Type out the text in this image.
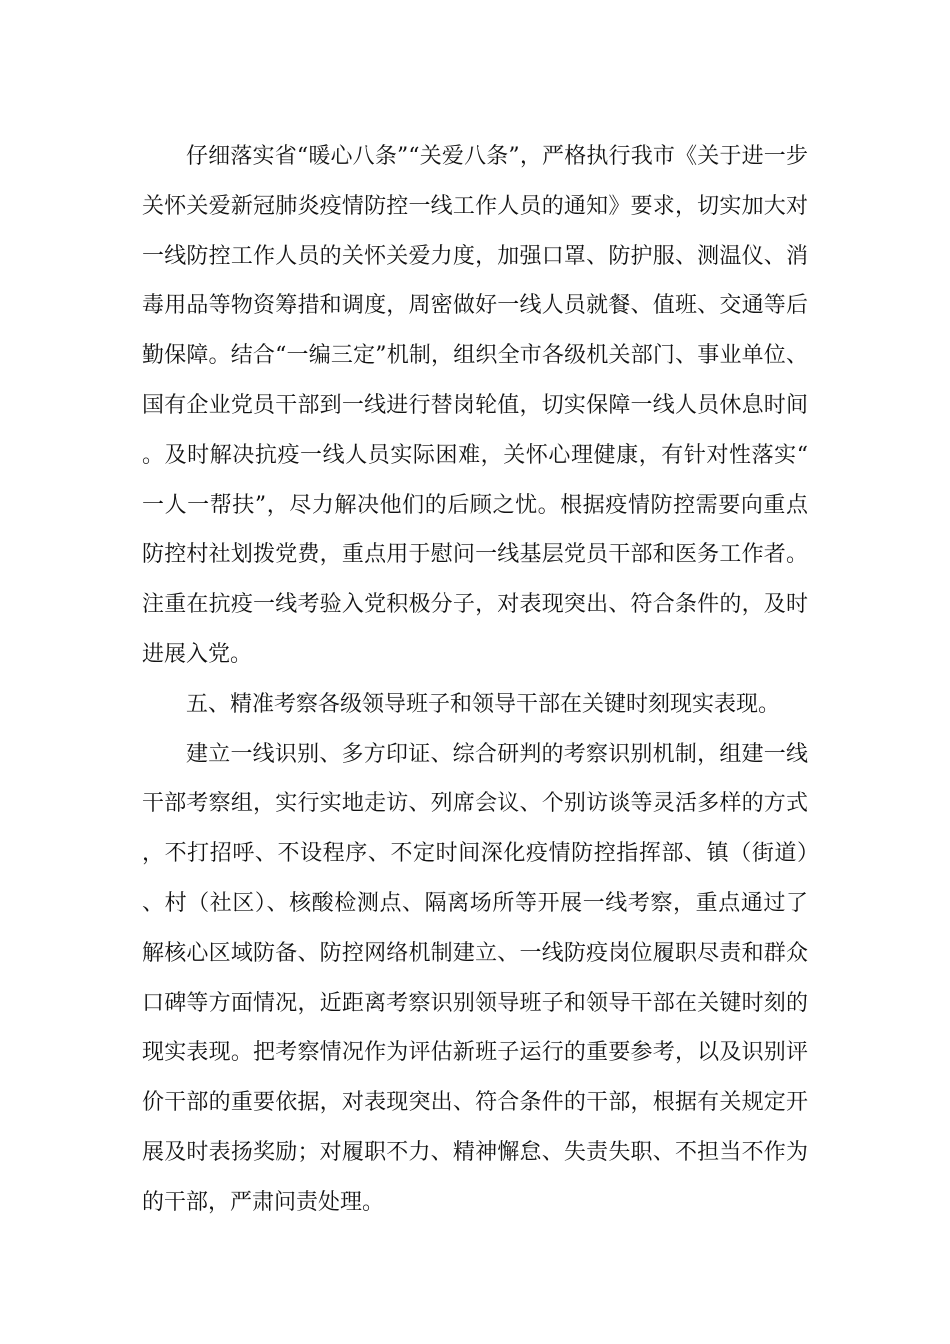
仔细落实省“暖心八条”“关爱八条”，严格执行我市《关于进一步关怀关爱新冠肺炎疫情防控一线工作人员的通知》要求，切实加大对一线防控工作人员的关怀关爱力度，加强口罩、防护服、测温仪、消毒用品等物资筹措和调度，周密做好一线人员就餐、值班、交通等后勤保障。结合“一编三定”机制，组织全市各级机关部门、事业单位、国有企业党员干部到一线进行替岗轮值，切实保障一线人员休息时间。及时解决抗疫一线人员实际困难，关怀心理健康，有针对性落实“一人一帮扶”，尽力解决他们的后顾之忧。根据疫情防控需要向重点防控村社划拨党费，重点用于慰问一线基层党员干部和医务工作者。注重在抗疫一线考验入党积极分子，对表现突出、符合条件的，及时进展入党。

五、精准考察各级领导班子和领导干部在关键时刻现实表现。

建立一线识别、多方印证、综合研判的考察识别机制，组建一线干部考察组，实行实地走访、列席会议、个别访谈等灵活多样的方式，不打招呼、不设程序、不定时间深化疫情防控指挥部、镇（街道）、村（社区）、核酸检测点、隔离场所等开展一线考察，重点通过了解核心区域防备、防控网络机制建立、一线防疫岗位履职尽责和群众口碑等方面情况，近距离考察识别领导班子和领导干部在关键时刻的现实表现。把考察情况作为评估新班子运行的重要参考，以及识别评价干部的重要依据，对表现突出、符合条件的干部，根据有关规定开展及时表扬奖励；对履职不力、精神懈怠、失责失职、不担当不作为的干部，严肃问责处理。
